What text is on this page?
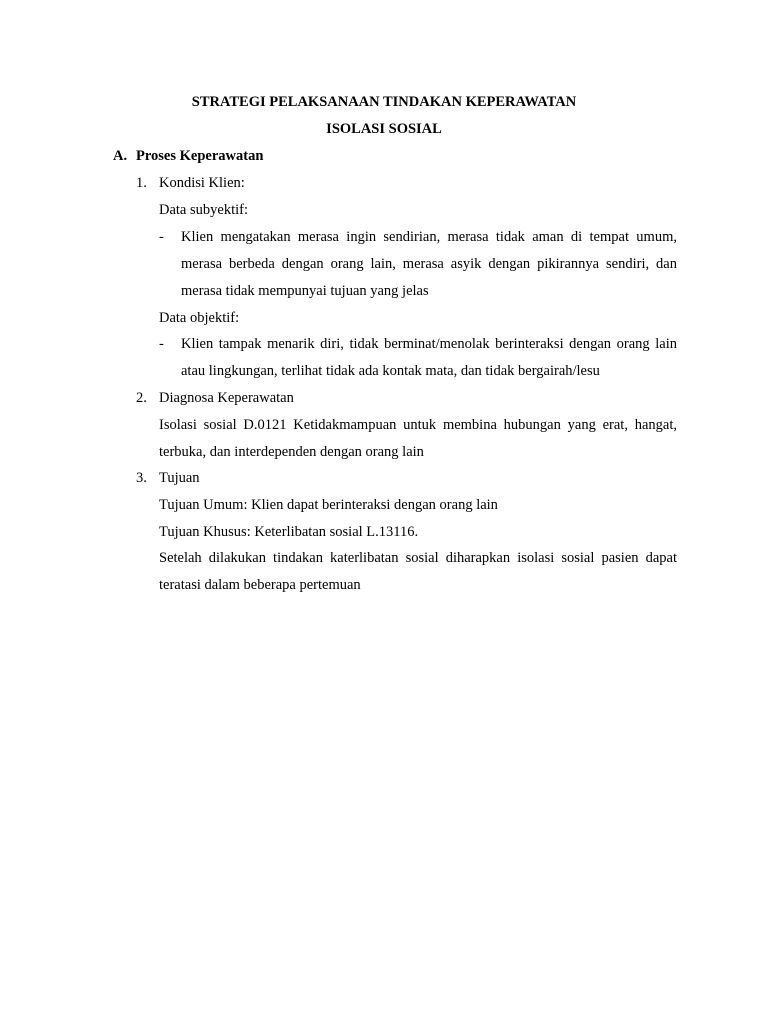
STRATEGI PELAKSANAAN TINDAKAN KEPERAWATAN
ISOLASI SOSIAL
A. Proses Keperawatan
1. Kondisi Klien:
Data subyektif:
- Klien mengatakan merasa ingin sendirian, merasa tidak aman di tempat umum,
merasa berbeda dengan orang lain, merasa asyik dengan pikirannya sendiri, dan
merasa tidak mempunyai tujuan yang jelas
Data objektif:
- Klien tampak menarik diri, tidak berminat/menolak berinteraksi dengan orang lain
atau lingkungan, terlihat tidak ada kontak mata, dan tidak bergairah/lesu
2. Diagnosa Keperawatan
Isolasi sosial D.0121 Ketidakmampuan untuk membina hubungan yang erat, hangat,
terbuka, dan interdependen dengan orang lain
3. Tujuan
Tujuan Umum: Klien dapat berinteraksi dengan orang lain
Tujuan Khusus: Keterlibatan sosial L.13116.
Setelah dilakukan tindakan katerlibatan sosial diharapkan isolasi sosial pasien dapat
teratasi dalam beberapa pertemuan
